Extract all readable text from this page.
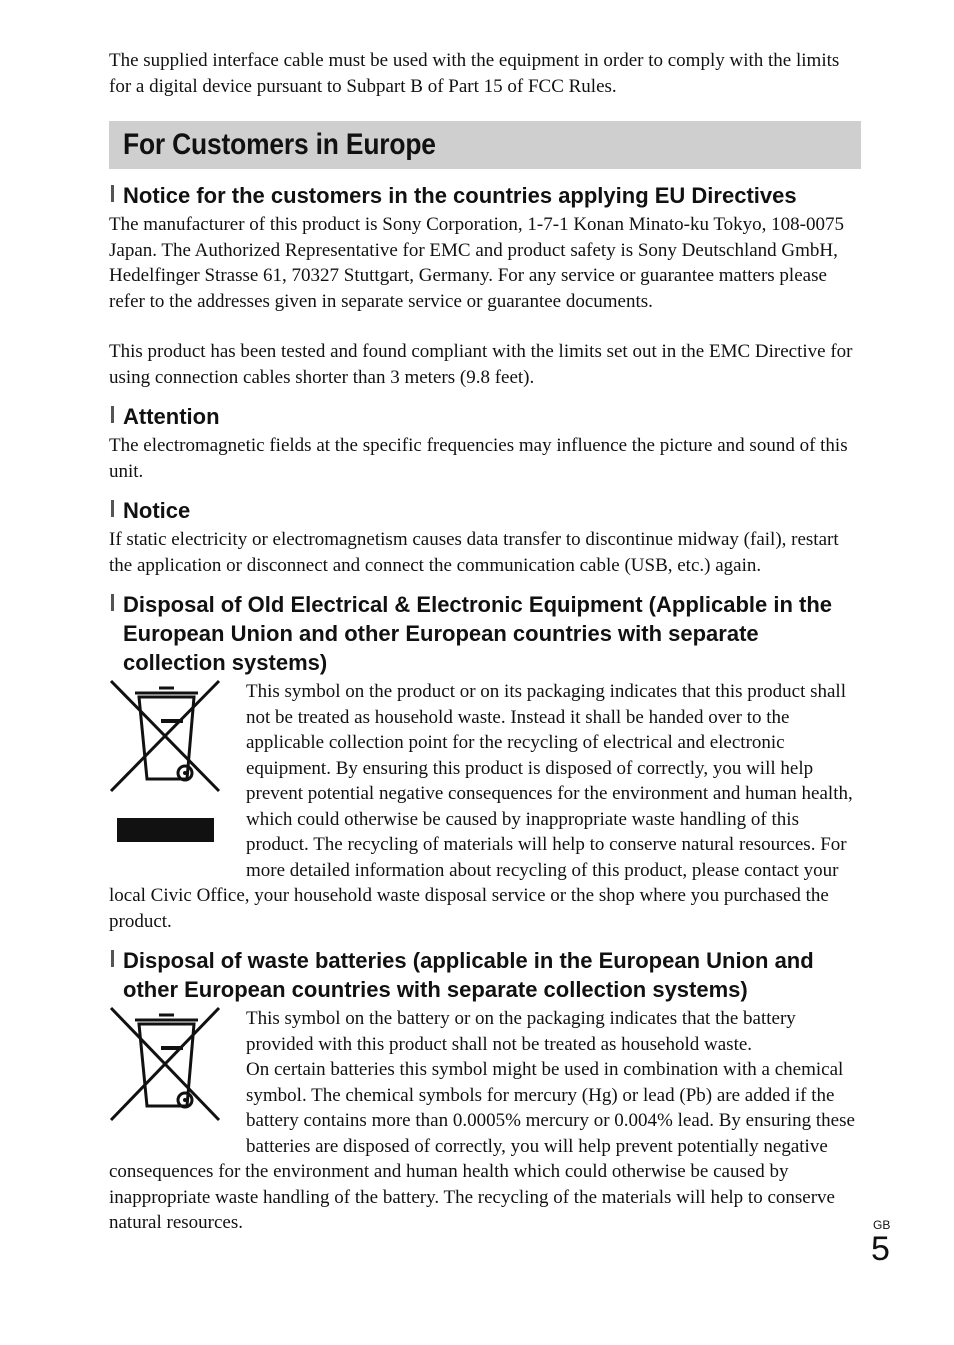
The supplied interface cable must be used with the equipment in order to comply with the limits for a digital device pursuant to Subpart B of Part 15 of FCC Rules.

For Customers in Europe
Notice for the customers in the countries applying EU Directives

The manufacturer of this product is Sony Corporation, 1-7-1 Konan Minato-ku Tokyo, 108-0075 Japan. The Authorized Representative for EMC and product safety is Sony Deutschland GmbH, Hedelfinger Strasse 61, 70327 Stuttgart, Germany. For any service or guarantee matters please refer to the addresses given in separate service or guarantee documents.

This product has been tested and found compliant with the limits set out in the EMC Directive for using connection cables shorter than 3 meters (9.8 feet).

Attention

The electromagnetic fields at the specific frequencies may influence the picture and sound of this unit.

Notice

If static electricity or electromagnetism causes data transfer to discontinue midway (fail), restart the application or disconnect and connect the communication cable (USB, etc.) again.

Disposal of Old Electrical & Electronic Equipment (Applicable in the European Union and other European countries with separate collection systems)

This symbol on the product or on its packaging indicates that this product shall not be treated as household waste. Instead it shall be handed over to the applicable collection point for the recycling of electrical and electronic equipment. By ensuring this product is disposed of correctly, you will help prevent potential negative consequences for the environment and human health, which could otherwise be caused by inappropriate waste handling of this product. The recycling of materials will help to conserve natural resources. For more detailed information about recycling of this product, please contact your local Civic Office, your household waste disposal service or the shop where you purchased the product.

Disposal of waste batteries (applicable in the European Union and other European countries with separate collection systems)

This symbol on the battery or on the packaging indicates that the battery provided with this product shall not be treated as household waste.

On certain batteries this symbol might be used in combination with a chemical symbol. The chemical symbols for mercury (Hg) or lead (Pb) are added if the battery contains more than 0.0005% mercury or 0.004% lead. By ensuring these batteries are disposed of correctly, you will help prevent potentially negative consequences for the environment and human health which could otherwise be caused by inappropriate waste handling of the battery. The recycling of the materials will help to conserve natural resources.	GB
5
